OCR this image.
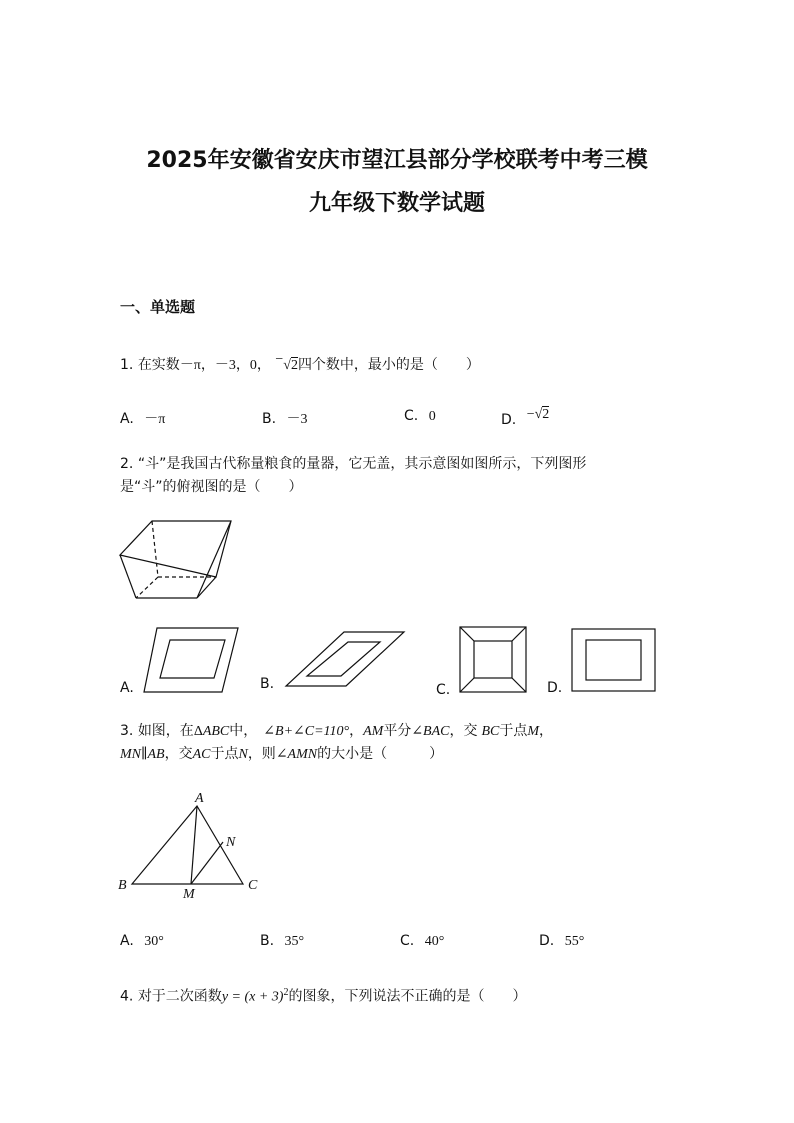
2025年安徽省安庆市望江县部分学校联考中考三模
九年级下数学试题
一、单选题
1. 在实数－π，－3，0， −√2四个数中，最小的是（　　）
A. －π	B. －3	C. 0	D. −√2
2. “斗”是我国古代称量粮食的量器，它无盖，其示意图如图所示，下列图形
是“斗”的俯视图的是（　　）
A.	B.	C.	D.
3. 如图，在ΔABC中， ∠B+∠C=110°，AM平分∠BAC，交 BC于点M，
MN∥AB，交AC于点N，则∠AMN的大小是（　　　）
A
B	C
M
N
A. 30°	B. 35°	C. 40°	D. 55°
4. 对于二次函数$y = (x + 3)^2$的图象，下列说法不正确的是（　　）
